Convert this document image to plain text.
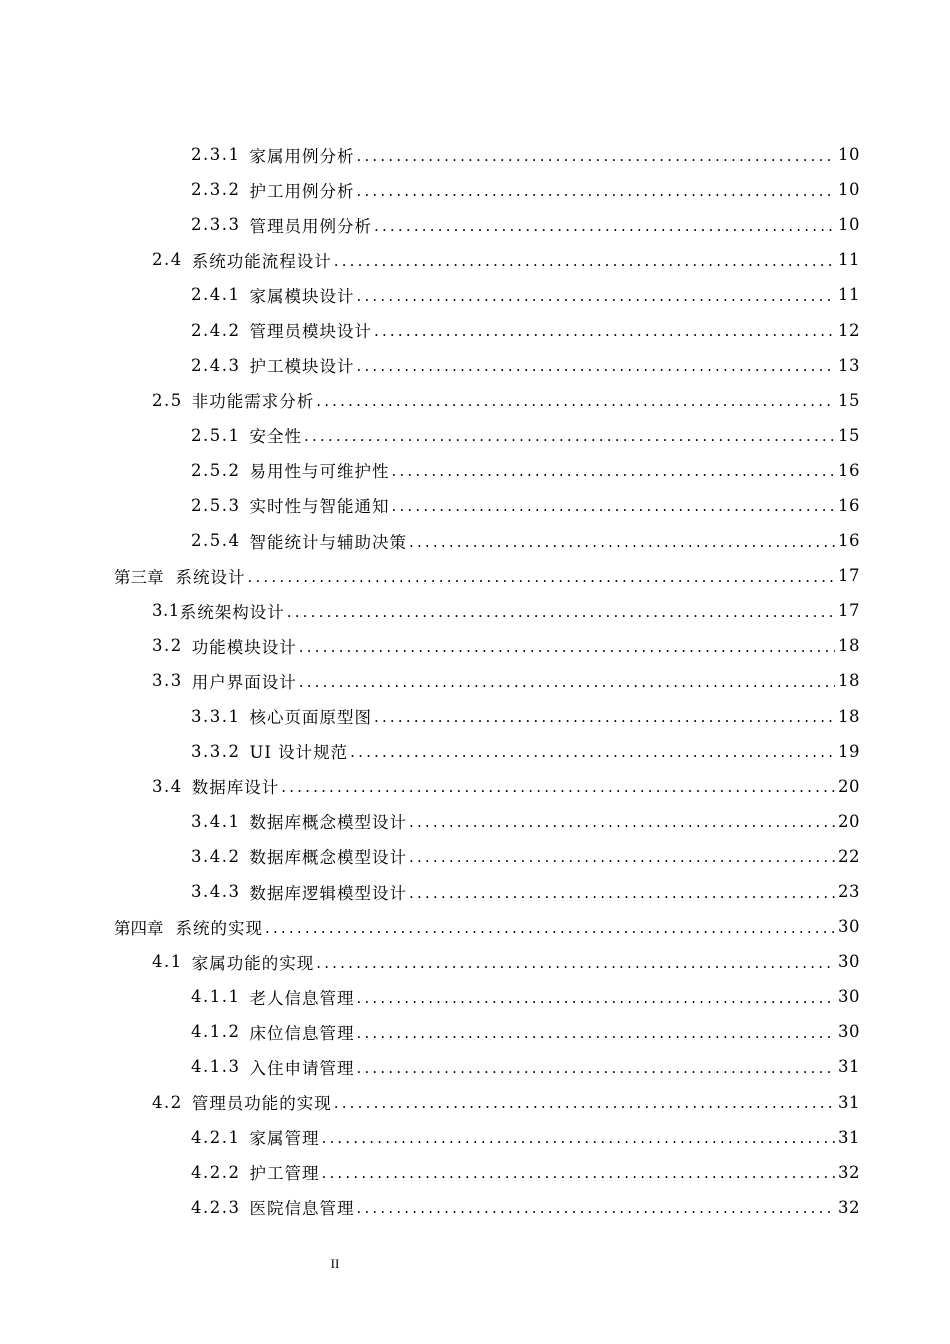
2.3.1 家属用例分析 .....	10
2.3.2 护工用例分析 .....	10
2.3.3 管理员用例分析 .....	10
2.4 系统功能流程设计 .....	11
2.4.1 家属模块设计 .....	11
2.4.2 管理员模块设计 .....	12
2.4.3 护工模块设计 .....	13
2.5 非功能需求分析 .....	15
2.5.1 安全性 .....	15
2.5.2 易用性与可维护性 .....	16
2.5.3 实时性与智能通知 .....	16
2.5.4 智能统计与辅助决策 .....	16
第三章 系统设计 .....	17
3.1 系统架构设计 .....	17
3.2 功能模块设计 .....	18
3.3 用户界面设计 .....	18
3.3.1 核心页面原型图 .....	18
3.3.2 UI 设计规范 .....	19
3.4 数据库设计 .....	20
3.4.1 数据库概念模型设计 .....	20
3.4.2 数据库概念模型设计 .....	22
3.4.3 数据库逻辑模型设计 .....	23
第四章 系统的实现 .....	30
4.1 家属功能的实现 .....	30
4.1.1 老人信息管理 .....	30
4.1.2 床位信息管理 .....	30
4.1.3 入住申请管理 .....	31
4.2 管理员功能的实现 .....	31
4.2.1 家属管理 .....	31
4.2.2 护工管理 .....	32
4.2.3 医院信息管理 .....	32
II
